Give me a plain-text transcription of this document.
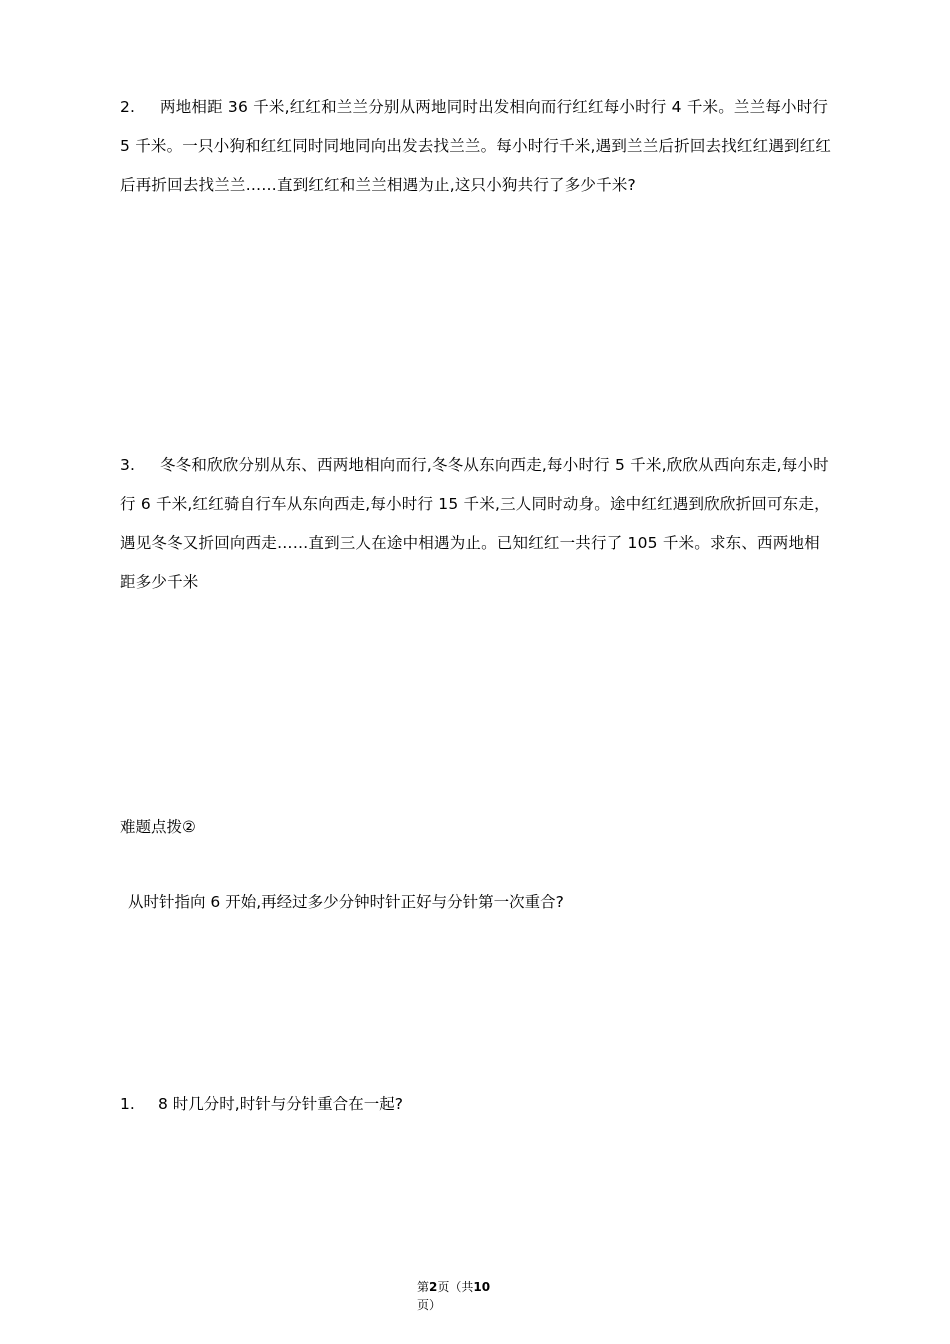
2. 两地相距 36 千米,红红和兰兰分别从两地同时出发相向而行红红每小时行 4 千米。兰兰每小时行 5 千米。一只小狗和红红同时同地同向出发去找兰兰。每小时行千米,遇到兰兰后折回去找红红遇到红红后再折回去找兰兰……直到红红和兰兰相遇为止,这只小狗共行了多少千米?
3. 冬冬和欣欣分别从东、西两地相向而行,冬冬从东向西走,每小时行 5 千米,欣欣从西向东走,每小时行 6 千米,红红骑自行车从东向西走,每小时行 15 千米,三人同时动身。途中红红遇到欣欣折回可东走，遇见冬冬又折回向西走……直到三人在途中相遇为止。已知红红一共行了 105 千米。求东、西两地相距多少千米
难题点拨②
从时针指向 6 开始,再经过多少分钟时针正好与分针第一次重合?
1. 8 时几分时,时针与分针重合在一起?
第2页（共10
页）
